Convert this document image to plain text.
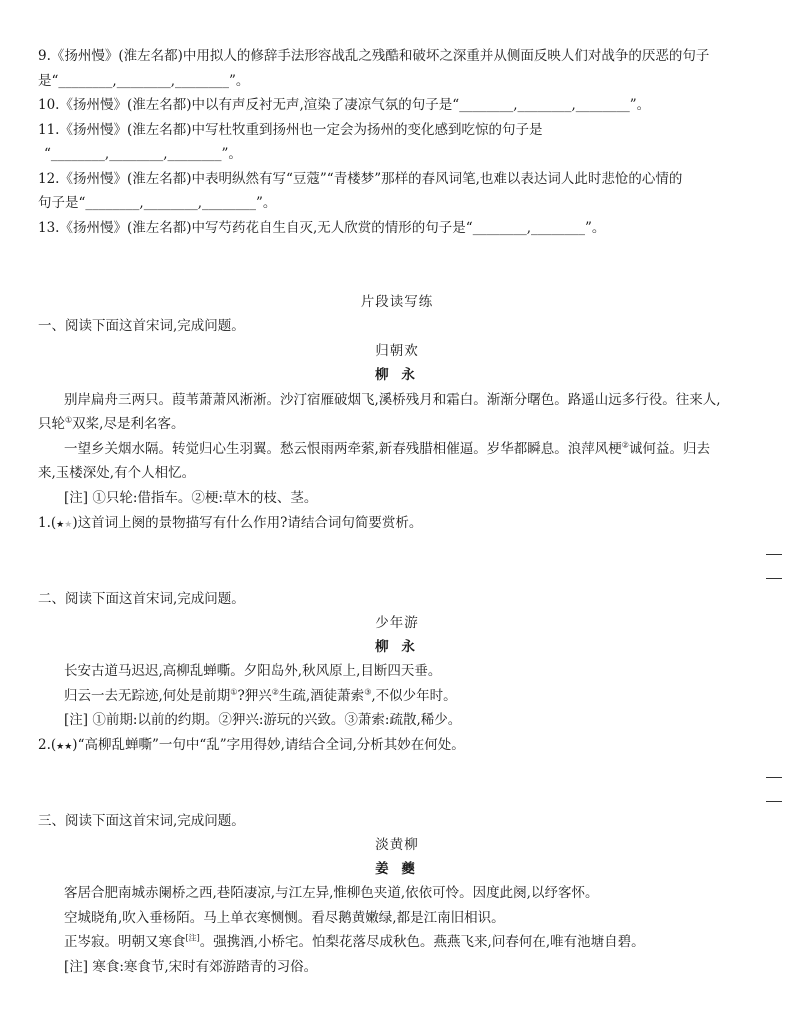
9.《扬州慢》(淮左名都)中用拟人的修辞手法形容战乱之残酷和破坏之深重并从侧面反映人们对战争的厌恶的句子
是“________,________,________”。
10.《扬州慢》(淮左名都)中以有声反衬无声,渲染了凄凉气氛的句子是“________,________,________”。
11.《扬州慢》(淮左名都)中写杜牧重到扬州也一定会为扬州的变化感到吃惊的句子是
“________,________,________”。
12.《扬州慢》(淮左名都)中表明纵然有写“豆蔻”“青楼梦”那样的春风词笔,也难以表达词人此时悲怆的心情的
句子是“________,________,________”。
13.《扬州慢》(淮左名都)中写芍药花自生自灭,无人欣赏的情形的句子是“________,________”。
片段读写练
一、阅读下面这首宋词,完成问题。
归朝欢
柳 永
别岸扁舟三两只。葭苇萧萧风淅淅。沙汀宿雁破烟飞,溪桥残月和霜白。渐渐分曙色。路遥山远多行役。往来人,
只轮①双桨,尽是利名客。
一望乡关烟水隔。转觉归心生羽翼。愁云恨雨两牵萦,新春残腊相催逼。岁华都瞬息。浪萍风梗②诚何益。归去
来,玉楼深处,有个人相忆。
[注] ①只轮:借指车。②梗:草木的枝、茎。
1.(★★)这首词上阕的景物描写有什么作用?请结合词句简要赏析。
二、阅读下面这首宋词,完成问题。
少年游
柳 永
长安古道马迟迟,高柳乱蝉嘶。夕阳岛外,秋风原上,目断四天垂。
归云一去无踪迹,何处是前期①?狎兴②生疏,酒徒萧索③,不似少年时。
[注] ①前期:以前的约期。②狎兴:游玩的兴致。③萧索:疏散,稀少。
2.(★★)“高柳乱蝉嘶”一句中“乱”字用得妙,请结合全词,分析其妙在何处。
三、阅读下面这首宋词,完成问题。
淡黄柳
姜 夔
客居合肥南城赤阑桥之西,巷陌凄凉,与江左异,惟柳色夹道,依依可怜。因度此阕,以纾客怀。
空城晓角,吹入垂杨陌。马上单衣寒恻恻。看尽鹅黄嫩绿,都是江南旧相识。
正岑寂。明朝又寒食[注]。强携酒,小桥宅。怕梨花落尽成秋色。燕燕飞来,问春何在,唯有池塘自碧。
[注] 寒食:寒食节,宋时有郊游踏青的习俗。
